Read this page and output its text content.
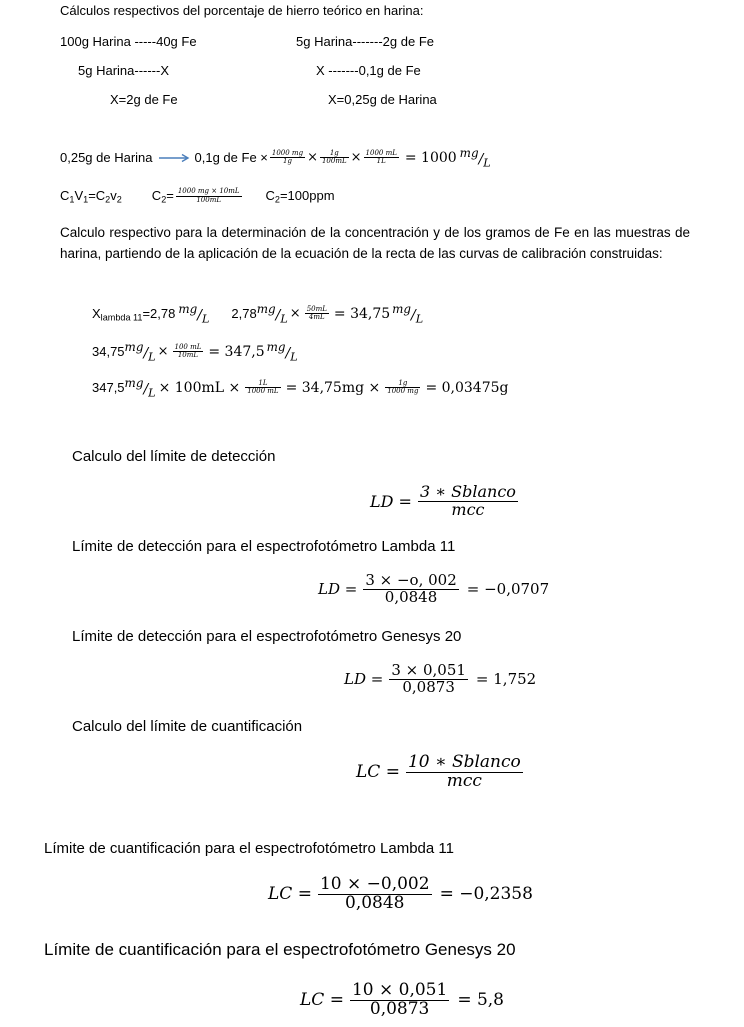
Cálculos respectivos del porcentaje de hierro teórico en harina:
100g Harina -----40g Fe
5g Harina------X
X=2g de Fe
5g Harina-------2g de Fe
X -------0,1g de Fe
X=0,25g de Harina
0,25g de Harina	0,1g de $Fe \times \frac{1000 mg}{1g} \times \frac{1g}{100mL} \times \frac{1000 mL}{1L} = 1000$ $^{mg}/_L$
$C_1V_1=C_2v_2$ $C_2= \frac{1000 mg \times 10mL}{100mL} C_2=100ppm$
Calculo respectivo para la determinación de la concentración y de los gramos de Fe en las muestras de harina, partiendo de la aplicación de la ecuación de la recta de las curvas de calibración construidas:
$X_{lambda 11} =2,78$ $^{mg}/_L$ 2,78 $^{mg}/_L \times \frac{50mL}{4mL} = 34,75$ $^{mg}/_L$
34,75 $^{mg}/_L \times \frac{100 mL}{10mL} = 347,5$ $^{mg}/_L$
347,5 $^{mg}/_L \times 100mL \times \frac{1L}{1000 mL} = 34,75mg \times \frac{1g}{1000 mg} = 0,03475g$
Calculo del límite de detección
LD = $\frac{\text{3 ∗ Sblanco}}{\text{mcc}}$
Límite de detección para el espectrofotómetro Lambda 11
LD = $\frac{3 \times -o, 002}{0,0848} = -0,0707$
Límite de detección para el espectrofotómetro Genesys 20
LD = $\frac{3 \times 0,051}{0,0873} = 1,752$
Calculo del límite de cuantificación
LC = $\frac{\text{10 ∗ Sblanco}}{\text{mcc}}$
Límite de cuantificación para el espectrofotómetro Lambda 11
LC = $\frac{10 \times -0,002}{0,0848} = -0,2358$
Límite de cuantificación para el espectrofotómetro Genesys 20
LC = $\frac{10 \times 0,051}{0,0873} = 5,8$
